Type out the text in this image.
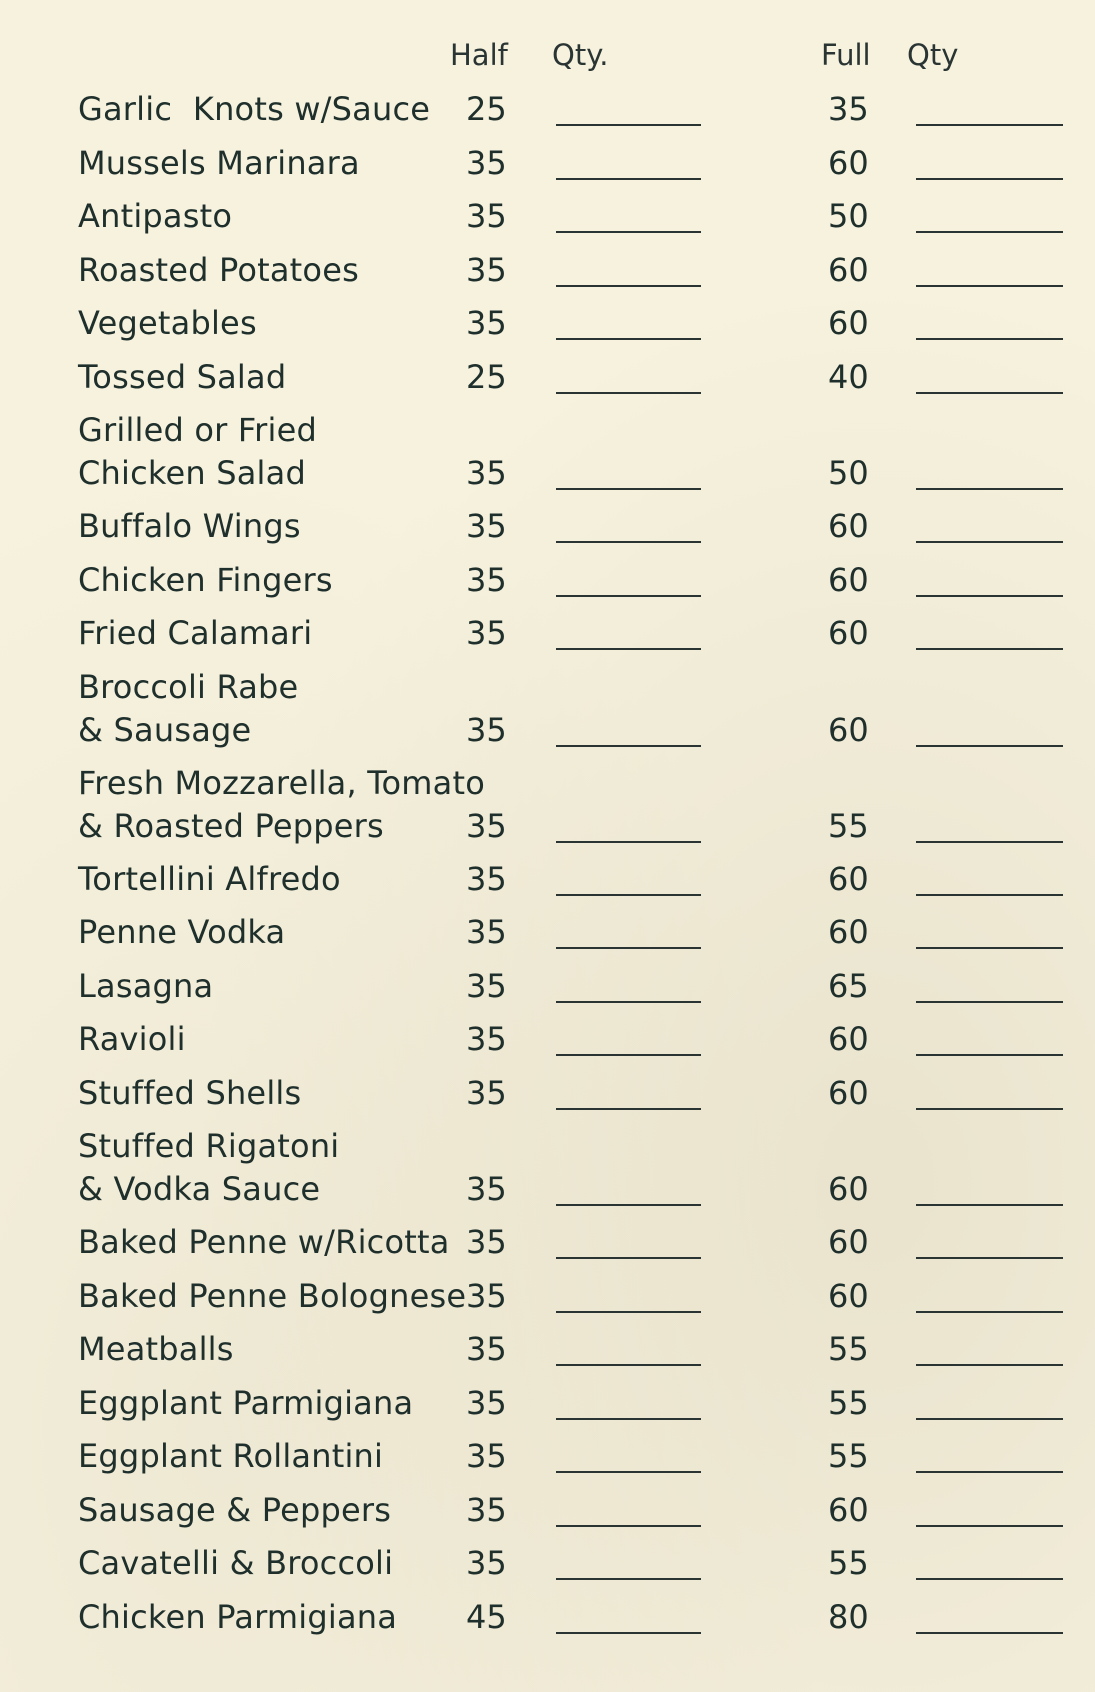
Half Qty.	Full Qty
Garlic  Knots w/Sauce 25	35
Mussels Marinara	35	60
Antipasto	35	50
Roasted Potatoes	35	60
Vegetables	35	60
Tossed Salad	25	40
Grilled or Fried
Chicken Salad	35	50
Buffalo Wings	35	60
Chicken Fingers	35	60
Fried Calamari	35	60
Broccoli Rabe
& Sausage	35	60
Fresh Mozzarella, Tomato
& Roasted Peppers	35	55
Tortellini Alfredo	35	60
Penne Vodka	35	60
Lasagna	35	65
Ravioli	35	60
Stuffed Shells	35	60
Stuffed Rigatoni
& Vodka Sauce	35	60
Baked Penne w/Ricotta 35	60
Baked Penne Bolognese 35	60
Meatballs	35	55
Eggplant Parmigiana 35	55
Eggplant Rollantini	35	55
Sausage & Peppers 35	60
Cavatelli & Broccoli 35	55
Chicken Parmigiana 45	80
